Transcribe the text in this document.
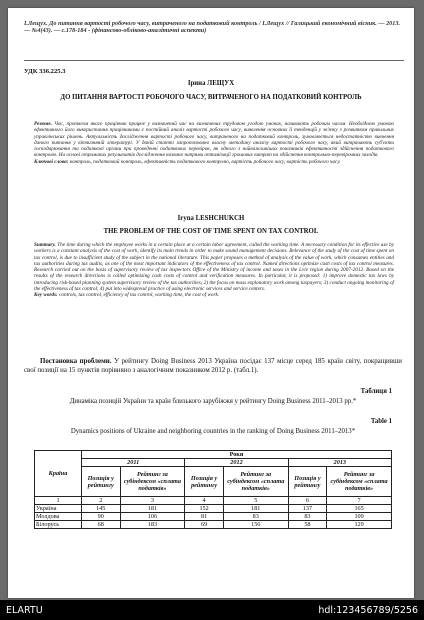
І.Лещух. До питання вартості робочого часу, витраченого на податковий контроль / І.Лещух // Галицький економічний вісник. — 2013. — №4(43). — с.178-184 - (фінансово-обліково-аналітичні аспекти)
УДК 336.225.3
Ірина ЛЕЩУХ
ДО ПИТАННЯ ВАРТОСТІ РОБОЧОГО ЧАСУ, ВИТРАЧЕНОГО НА ПОДАТКОВИЙ КОНТРОЛЬ
Резюме. Час, протягом якого працівник працює у визначений час на визначених трудовою угодою умовах, називають робочим часом. Необхідною умовою ефективного його використання працівниками є постійний аналіз вартості робочого часу, виявлення основних її тенденцій у зв'язку з розвитком правильних управлінських рішень. Актуальність дослідження вартості робочого часу, витраченого на податковий контроль, зумовлюється недостатністю вивчення даного питання у вітчизняній літературі. У даній статті запропоновано власну методику аналізу вартості робочого часу, який витрачають суб'єкти господарювання та податкові органи при проведенні податкових перевірок, як одного з найважливіших показників ефективності здійснення податкового контролю. На основі отриманих результатів дослідження названо напрями оптимізації грошових витрат на здійснення контрольно-перевірочних заходів.
Ключові слова: контроль, податковий контроль, ефективність податкового контролю, вартість робочого часу, вартість робочого часу.
Iryna LESHCHUKCH
THE PROBLEM OF THE COST OF TIME SPENT ON TAX CONTROL
Summary. The time during which the employee works in a certain place at a certain labor agreement, called the working time. A necessary condition for its effective use by workers is a constant analysis of the cost of work, identify its main trends in order to make sound management decisions. Relevance of the study of the cost of time spent on tax control, is due to insufficient study of the subject in the national literature. This paper proposes a method of analysis of the value of work, which consumes entities and tax authorities during tax audits, as one of the most important indicators of the effectiveness of tax control. Named directions optimize cash costs of tax control measures. Research carried out on the basis of supervisory review of tax inspectors Office of the Ministry of income and taxes in the Lviv region during 2007-2012. Based on the results of the research directions is called optimizing cash costs of control and verification measures. In particular, it is proposed: 1) improve domestic tax laws by introducing risk-based planning system supervisory review of the tax authorities; 2) the focus on mass explanatory work among taxpayers; 3) conduct ongoing monitoring of the effectiveness of tax control; 4) put into widespread practice of using electronic services and service centers.
Key words: controls, tax control, efficiency of tax control, working time, the cost of work.
Постановка проблеми. У рейтингу Doing Business 2013 Україна посідає 137 місце серед 185 країн світу, покращивши свої позиції на 15 пунктів порівняно з аналогічним показником 2012 р. (табл.1).
Таблиця 1
Динаміка позицій України та країн близького зарубіжжя у рейтингу Doing Business 2011–2013 рр.*
Table 1
Dynamics positions of Ukraine and neighboring countries in the ranking of Doing Business 2011–2013*
Країна	Роки					
	2011		2012		2013	
	Позиція у рейтингу	Рейтинг за субіндексом «сплата податків»	Позиція у рейтингу	Рейтинг за субіндексом «сплата податків»	Позиція у рейтингу	Рейтинг за субіндексом «сплата податків»
1	2	3	4	5	6	7
Україна	145	181	152	181	137	165
Молдова	90	106	81	83	83	109
Білорусь	68	183	69	156	58	129
ELARTU	hdl:123456789/5256
